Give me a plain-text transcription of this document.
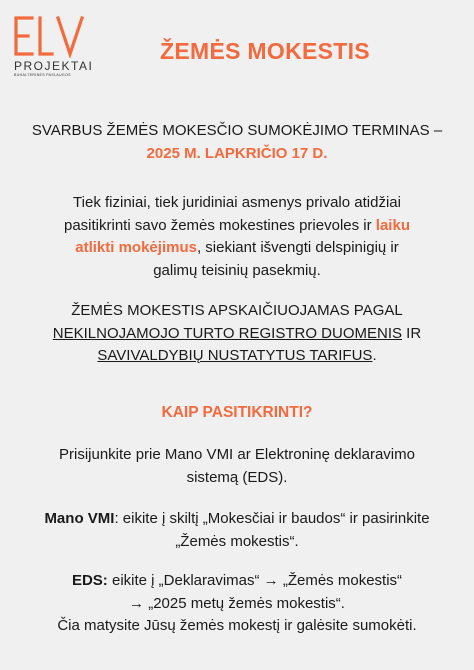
PROJEKTAI
BUHALTERINĖS PASLAUGOS
ŽEMĖS MOKESTIS
SVARBUS ŽEMĖS MOKESČIO SUMOKĖJIMO TERMINAS –
2025 M. LAPKRIČIO 17 D.
Tiek fiziniai, tiek juridiniai asmenys privalo atidžiai
pasitikrinti savo žemės mokestines prievoles ir laiku
atlikti mokėjimus, siekiant išvengti delspinigių ir
galimų teisinių pasekmių.
ŽEMĖS MOKESTIS APSKAIČIUOJAMAS PAGAL
NEKILNOJAMOJO TURTO REGISTRO DUOMENIS IR
SAVIVALDYBIŲ NUSTATYTUS TARIFUS.
KAIP PASITIKRINTI?
Prisijunkite prie Mano VMI ar Elektroninę deklaravimo
sistemą (EDS).
Mano VMI: eikite į skiltį „Mokesčiai ir baudos“ ir pasirinkite
„Žemės mokestis“.
EDS: eikite į „Deklaravimas“ → „Žemės mokestis“
→ „2025 metų žemės mokestis“.
Čia matysite Jūsų žemės mokestį ir galėsite sumokėti.
